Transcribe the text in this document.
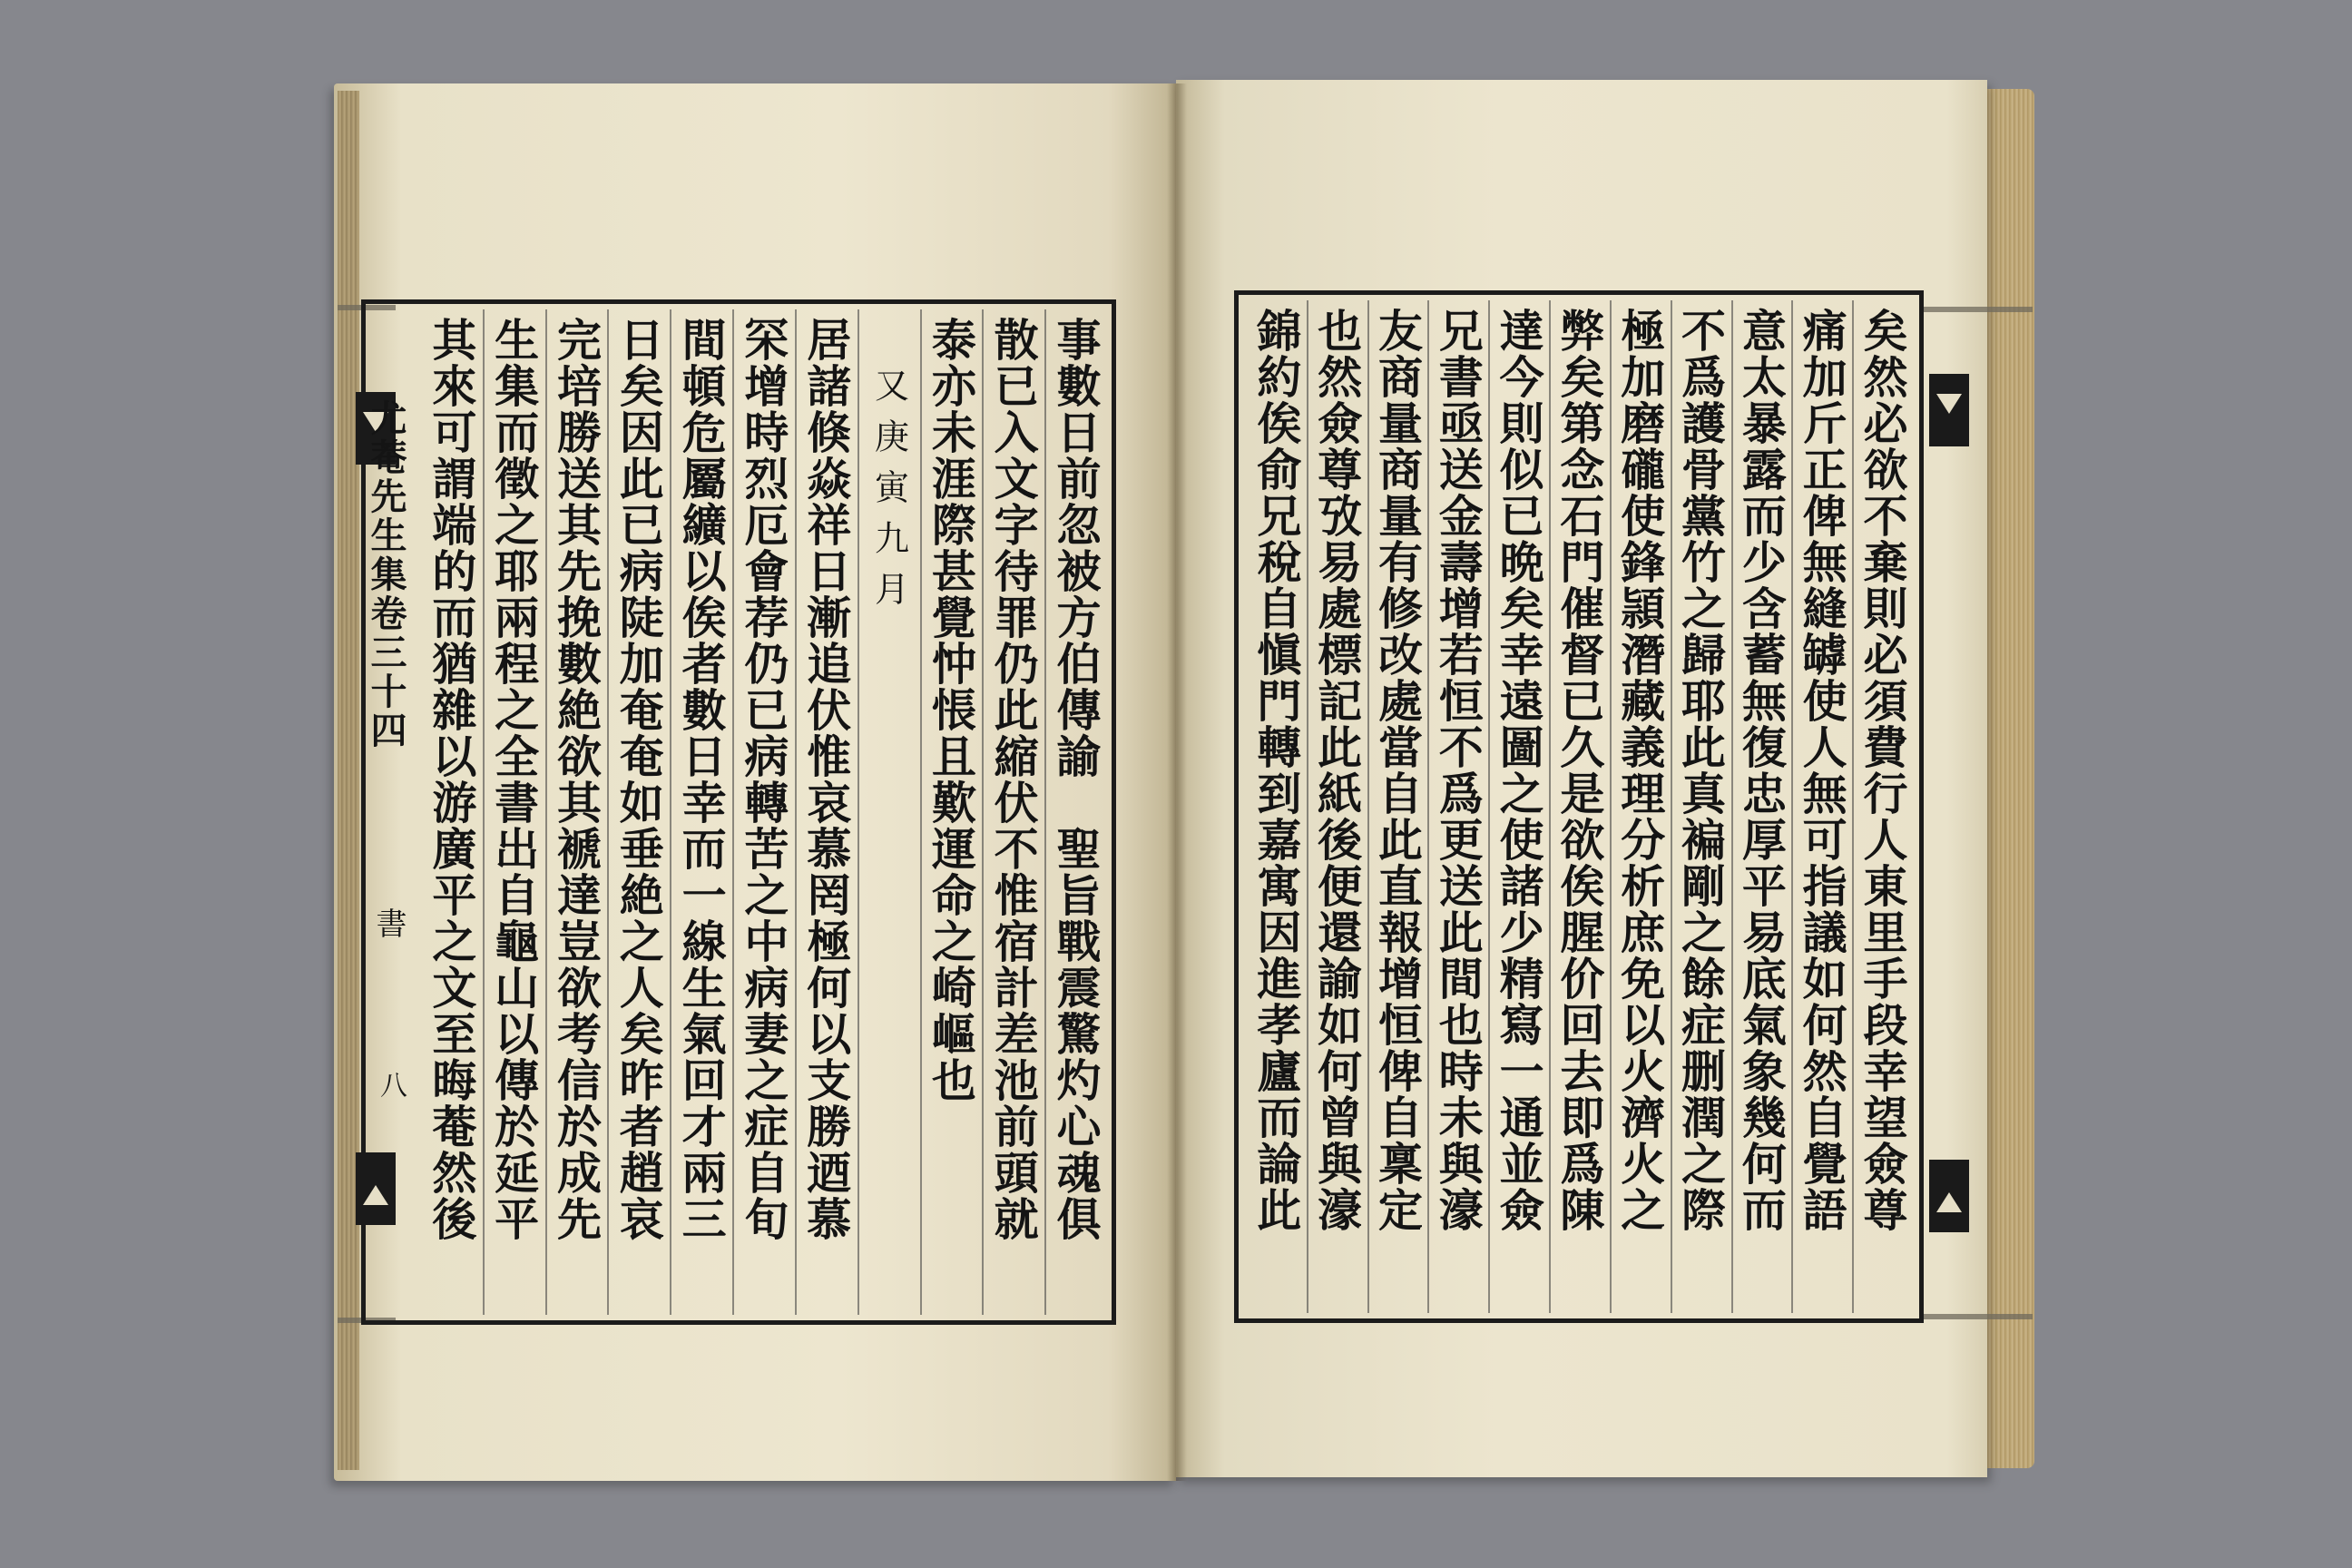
尤菴先生集卷三十四
書
八	事數日前忽被方伯傳諭　聖旨戰震驚灼心魂俱
散已入文字待罪仍此縮伏不惟宿計差池前頭就
泰亦未涯際甚覺忡悵且歎運命之崎嶇也
又庚寅九月
居諸倏焱祥日漸追伏惟哀慕罔極何以支勝迺慕
罙增時烈厄會荐仍已病轉苦之中病妻之症自旬
間頓危屬纊以俟者數日幸而一線生氣回才兩三
日矣因此已病陡加奄奄如垂絶之人矣昨者趙哀
完培勝送其先挽數絶欲其褫達豈欲考信於成先
生集而徵之耶兩程之全書出自龜山以傳於延平
其來可謂端的而猶雜以游廣平之文至晦菴然後	矣然必欲不棄則必須費行人東里手段幸望僉尊
痛加斤正俾無縫罅使人無可指議如何然自覺語
意太暴露而少含蓄無復忠厚平易底氣象幾何而
不爲護骨黨竹之歸耶此真褊剛之餘症删潤之際
極加磨礲使鋒頴潛藏義理分析庶免以火濟火之
弊矣第念石門催督已久是欲俟腥价回去即爲陳
達今則似已晩矣幸遠圖之使諸少精寫一通並僉
兄書亟送金壽增若恒不爲更送此間也時未與濠
友商量商量有修改處當自此直報增恒俾自稟定
也然僉尊攷易處標記此紙後便還諭如何曾與濠
錦約俟俞兄稅自愼門轉到嘉寓因進孝廬而論此
